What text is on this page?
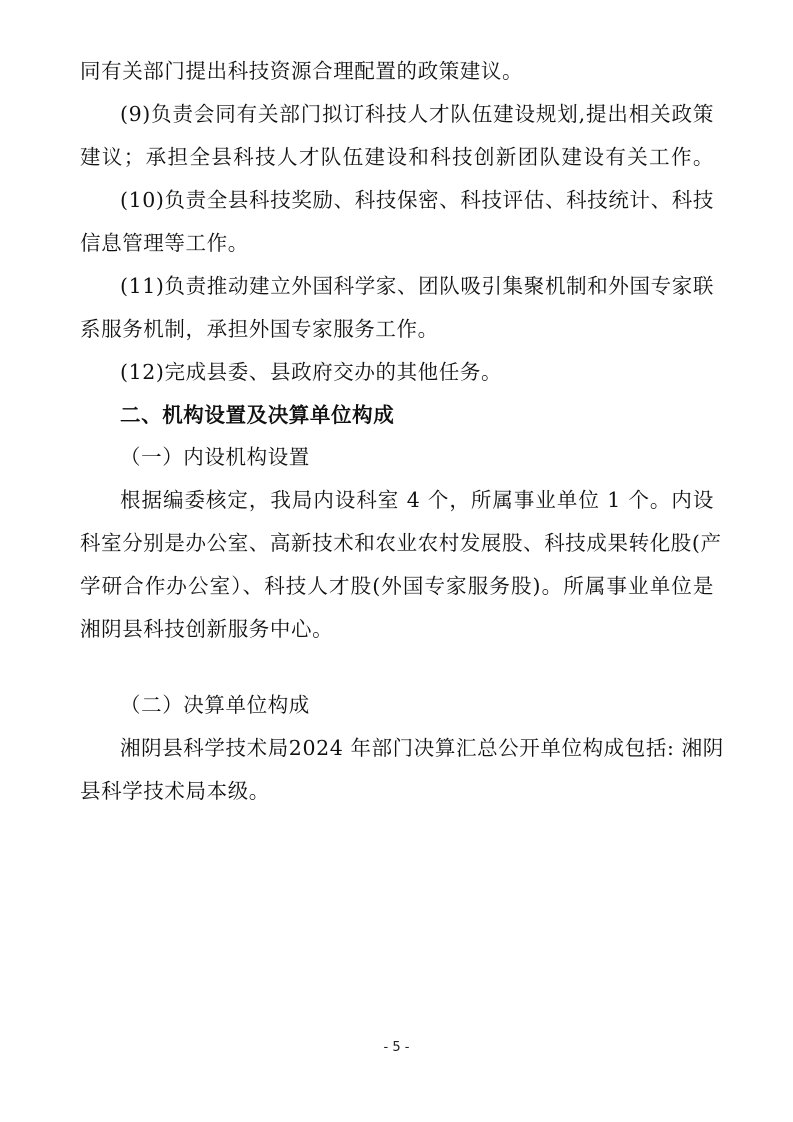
同有关部门提出科技资源合理配置的政策建议。
(9)负责会同有关部门拟订科技人才队伍建设规划,提出相关政策
建议；承担全县科技人才队伍建设和科技创新团队建设有关工作。
(10)负责全县科技奖励、科技保密、科技评估、科技统计、科技
信息管理等工作。
(11)负责推动建立外国科学家、团队吸引集聚机制和外国专家联
系服务机制，承担外国专家服务工作。
(12)完成县委、县政府交办的其他任务。
二、机构设置及决算单位构成
（一）内设机构设置
根据编委核定，我局内设科室 4 个，所属事业单位 1 个。内设
科室分别是办公室、高新技术和农业农村发展股、科技成果转化股(产
学研合作办公室）、科技人才股(外国专家服务股)。所属事业单位是
湘阴县科技创新服务中心。
（二）决算单位构成
湘阴县科学技术局2024 年部门决算汇总公开单位构成包括: 湘阴
县科学技术局本级。
- 5 -
